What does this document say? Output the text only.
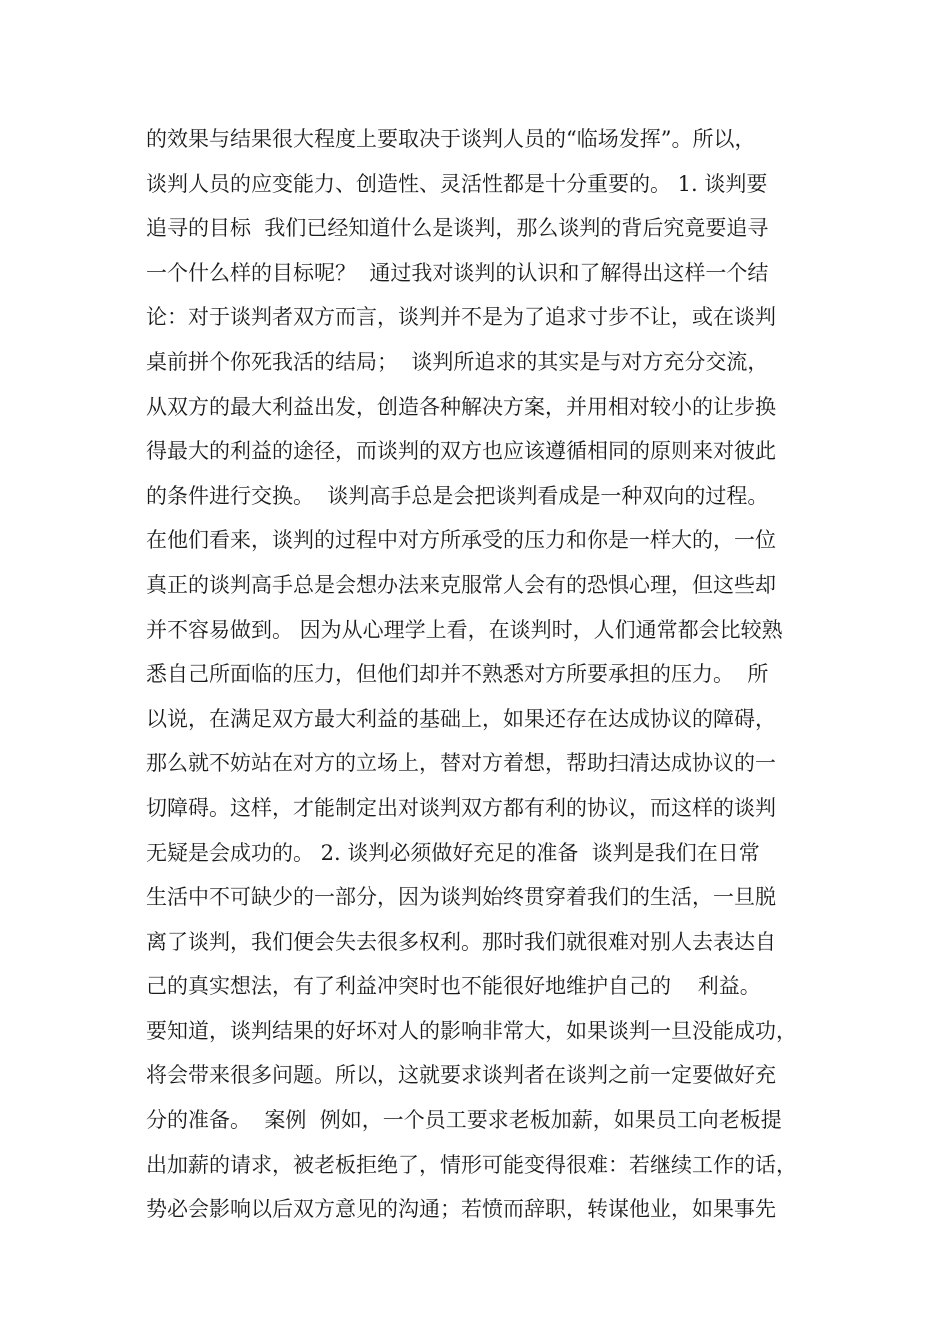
的效果与结果很大程度上要取决于谈判人员的“临场发挥”。所以，
谈判人员的应变能力、创造性、灵活性都是十分重要的。 1. 谈判要
追寻的目标  我们已经知道什么是谈判，那么谈判的背后究竟要追寻
一个什么样的目标呢？  通过我对谈判的认识和了解得出这样一个结
论：对于谈判者双方而言，谈判并不是为了追求寸步不让，或在谈判
桌前拼个你死我活的结局；  谈判所追求的其实是与对方充分交流，
从双方的最大利益出发，创造各种解决方案，并用相对较小的让步换
得最大的利益的途径，而谈判的双方也应该遵循相同的原则来对彼此
的条件进行交换。  谈判高手总是会把谈判看成是一种双向的过程。
在他们看来，谈判的过程中对方所承受的压力和你是一样大的，一位
真正的谈判高手总是会想办法来克服常人会有的恐惧心理，但这些却
并不容易做到。 因为从心理学上看，在谈判时，人们通常都会比较熟
悉自己所面临的压力，但他们却并不熟悉对方所要承担的压力。  所
以说，在满足双方最大利益的基础上，如果还存在达成协议的障碍，
那么就不妨站在对方的立场上，替对方着想，帮助扫清达成协议的一
切障碍。这样，才能制定出对谈判双方都有利的协议，而这样的谈判
无疑是会成功的。 2. 谈判必须做好充足的准备  谈判是我们在日常
生活中不可缺少的一部分，因为谈判始终贯穿着我们的生活，一旦脱
离了谈判，我们便会失去很多权利。那时我们就很难对别人去表达自
己的真实想法，有了利益冲突时也不能很好地维护自己的    利益。
要知道，谈判结果的好坏对人的影响非常大，如果谈判一旦没能成功，
将会带来很多问题。所以，这就要求谈判者在谈判之前一定要做好充
分的准备。  案例  例如，一个员工要求老板加薪，如果员工向老板提
出加薪的请求，被老板拒绝了，情形可能变得很难：若继续工作的话，
势必会影响以后双方意见的沟通；若愤而辞职，转谋他业，如果事先
